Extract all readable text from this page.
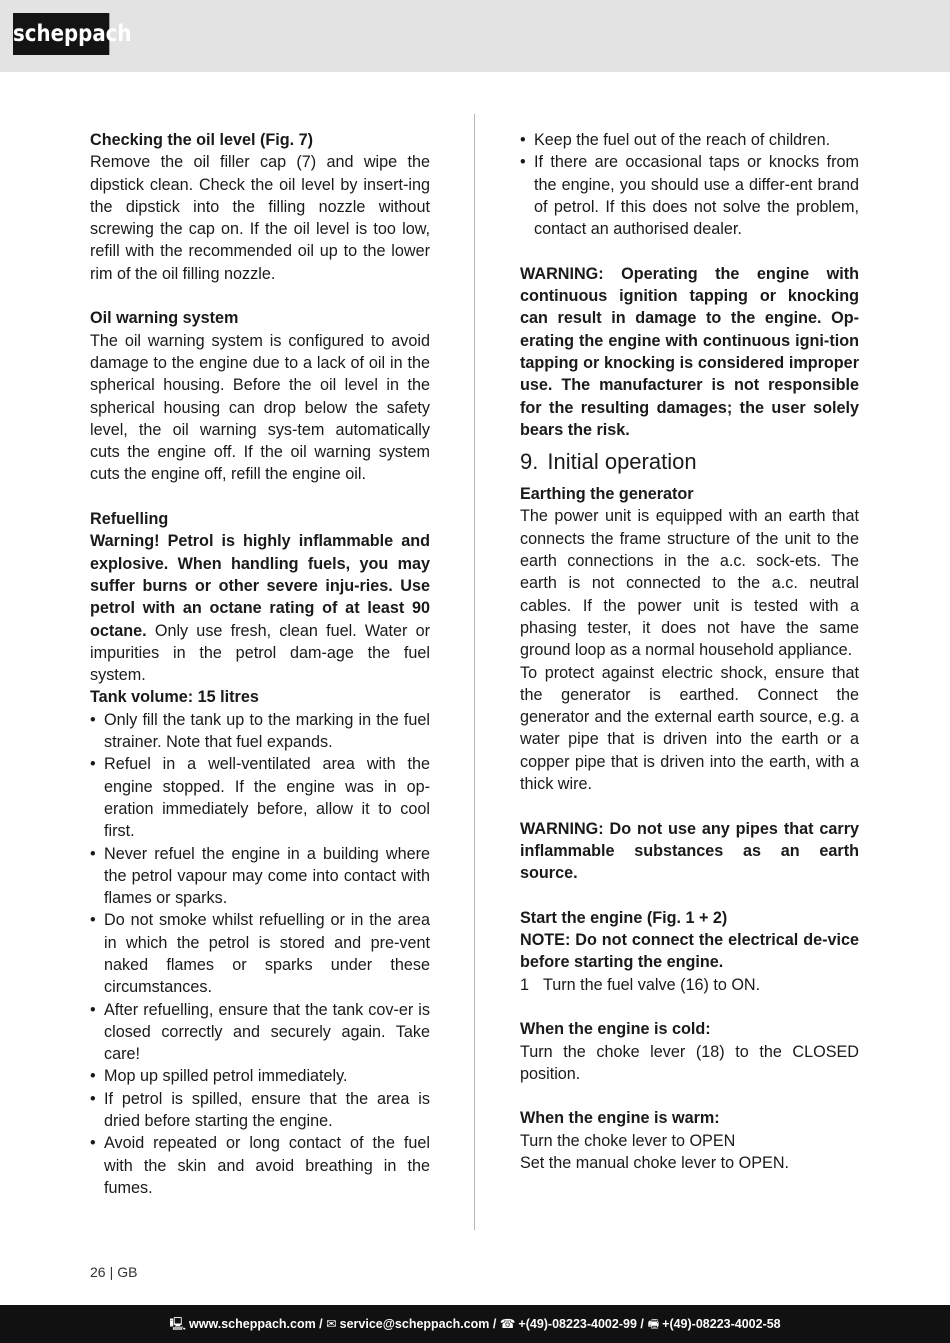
scheppach

Checking the oil level (Fig. 7)

Remove the oil filler cap (7) and wipe the dipstick clean. Check the oil level by insert-ing the dipstick into the filling nozzle without screwing the cap on. If the oil level is too low, refill with the recommended oil up to the lower rim of the oil filling nozzle.

Oil warning system

The oil warning system is configured to avoid damage to the engine due to a lack of oil in the spherical housing. Before the oil level in the spherical housing can drop below the safety level, the oil warning sys-tem automatically cuts the engine off. If the oil warning system cuts the engine off, refill the engine oil.

Refuelling

Warning! Petrol is highly inflammable and explosive. When handling fuels, you may suffer burns or other severe inju-ries. Use petrol with an octane rating of at least 90 octane. Only use fresh, clean fuel. Water or impurities in the petrol dam-age the fuel system.

Tank volume: 15 litres

• Only fill the tank up to the marking in the fuel strainer. Note that fuel expands.
• Refuel in a well-ventilated area with the engine stopped. If the engine was in op-eration immediately before, allow it to cool first.
• Never refuel the engine in a building where the petrol vapour may come into contact with flames or sparks.
• Do not smoke whilst refuelling or in the area in which the petrol is stored and pre-vent naked flames or sparks under these circumstances.
• After refuelling, ensure that the tank cov-er is closed correctly and securely again. Take care!
• Mop up spilled petrol immediately.
• If petrol is spilled, ensure that the area is dried before starting the engine.
• Avoid repeated or long contact of the fuel with the skin and avoid breathing in the fumes.
• Keep the fuel out of the reach of children.
• If there are occasional taps or knocks from the engine, you should use a differ-ent brand of petrol. If this does not solve the problem, contact an authorised dealer.

WARNING: Operating the engine with continuous ignition tapping or knocking can result in damage to the engine. Op-erating the engine with continuous igni-tion tapping or knocking is considered improper use. The manufacturer is not responsible for the resulting damages; the user solely bears the risk.

9. Initial operation

Earthing the generator

The power unit is equipped with an earth that connects the frame structure of the unit to the earth connections in the a.c. sock-ets. The earth is not connected to the a.c. neutral cables. If the power unit is tested with a phasing tester, it does not have the same ground loop as a normal household appliance.

To protect against electric shock, ensure that the generator is earthed. Connect the generator and the external earth source, e.g. a water pipe that is driven into the earth or a copper pipe that is driven into the earth, with a thick wire.

WARNING: Do not use any pipes that carry inflammable substances as an earth source.

Start the engine (Fig. 1 + 2)

NOTE: Do not connect the electrical de-vice before starting the engine.

1 Turn the fuel valve (16) to ON.

When the engine is cold:

Turn the choke lever (18) to the CLOSED position.

When the engine is warm:

Turn the choke lever to OPEN

Set the manual choke lever to OPEN.

26 | GB
🖳 www.scheppach.com / ✉ service@scheppach.com / ☎ +(49)-08223-4002-99 / 🖷 +(49)-08223-4002-58
